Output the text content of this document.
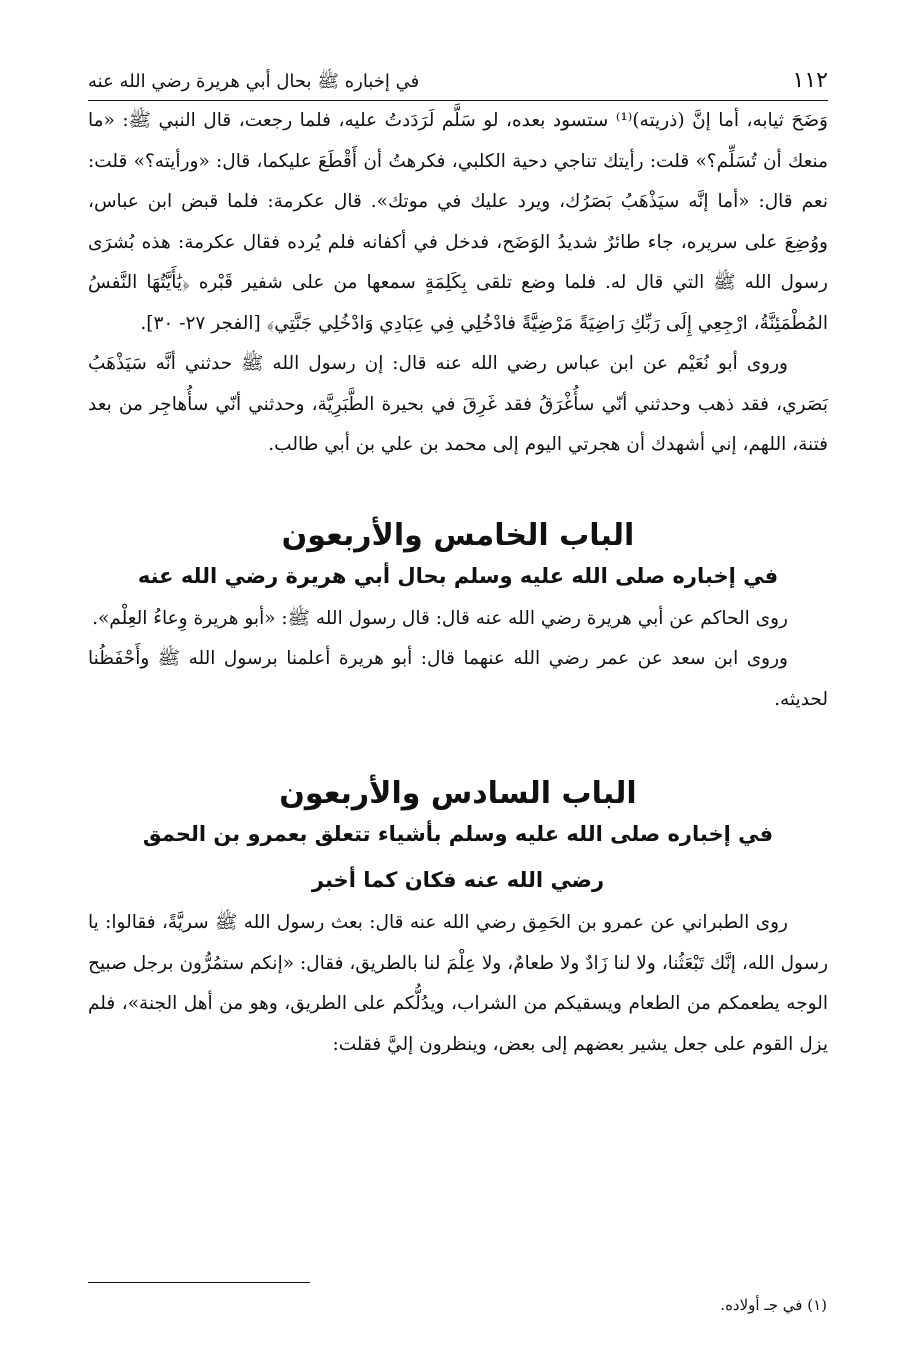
١١٢
في إخباره ﷺ بحال أبي هريرة رضي الله عنه

وَضَحَ ثيابه، أما إنَّ (ذريته)⁽¹⁾ ستسود بعده، لو سَلَّم لَرَدَدتُ عليه، فلما رجعت، قال النبي ﷺ: «ما منعك أن تُسَلِّم؟» قلت: رأيتك تناجي دحية الكلبي، فكرهتُ أن أَقْطَعَ عليكما، قال: «ورأيته؟» قلت: نعم قال: «أما إنَّه سيَذْهَبُ بَصَرُك، ويرد عليك في موتك». قال عكرمة: فلما قبض ابن عباس، ووُضِعَ على سريره، جاء طائرٌ شديدُ الوَضَح، فدخل في أكفانه فلم يُرده فقال عكرمة: هذه بُشرَى رسول الله ﷺ التي قال له. فلما وضع تلقى بِكَلِمَةٍ سمعها من على شفير قَبْره ﴿يَٰأَيَّتُهَا النَّفسُ المُطْمَئِنَّةُ، ارْجِعِي إِلَى رَبِّكِ رَاضِيَةً مَرْضِيَّةً فادْخُلِي فِي عِبَادِي وَادْخُلِي جَنَّتِي﴾ [الفجر ٢٧- ٣٠].

وروى أبو نُعَيْم عن ابن عباس رضي الله عنه قال: إن رسول الله ﷺ حدثني أنَّه سَيَذْهَبُ بَصَري، فقد ذهب وحدثني أنّي سأُغْرَقُ فقد غَرِقَ في بحيرة الطَّبَرِيَّة، وحدثني أنّي سأُهاجِر من بعد فتنة، اللهم، إني أشهدك أن هجرتي اليوم إلى محمد بن علي بن أبي طالب.

الباب الخامس والأربعون
في إخباره صلى الله عليه وسلم بحال أبي هريرة رضي الله عنه

روى الحاكم عن أبي هريرة رضي الله عنه قال: قال رسول الله ﷺ: «أبو هريرة وِعاءُ العِلْم».

وروى ابن سعد عن عمر رضي الله عنهما قال: أبو هريرة أعلمنا برسول الله ﷺ وأَحْفَظُنا لحديثه.

الباب السادس والأربعون
في إخباره صلى الله عليه وسلم بأشياء تتعلق بعمرو بن الحمق
رضي الله عنه فكان كما أخبر

روى الطبراني عن عمرو بن الحَمِق رضي الله عنه قال: بعث رسول الله ﷺ سريَّةً، فقالوا: يا رسول الله، إنَّك تَبْعَثُنا، ولا لنا زَادٌ ولا طعامٌ، ولا عِلْمَ لنا بالطريق، فقال: «إنكم ستمُرُّون برجل صبيح الوجه يطعمكم من الطعام ويسقيكم من الشراب، ويدُلُّكم على الطريق، وهو من أهل الجنة»، فلم يزل القوم على جعل يشير بعضهم إلى بعض، وينظرون إليَّ فقلت:

(١) في جـ أولاده.
